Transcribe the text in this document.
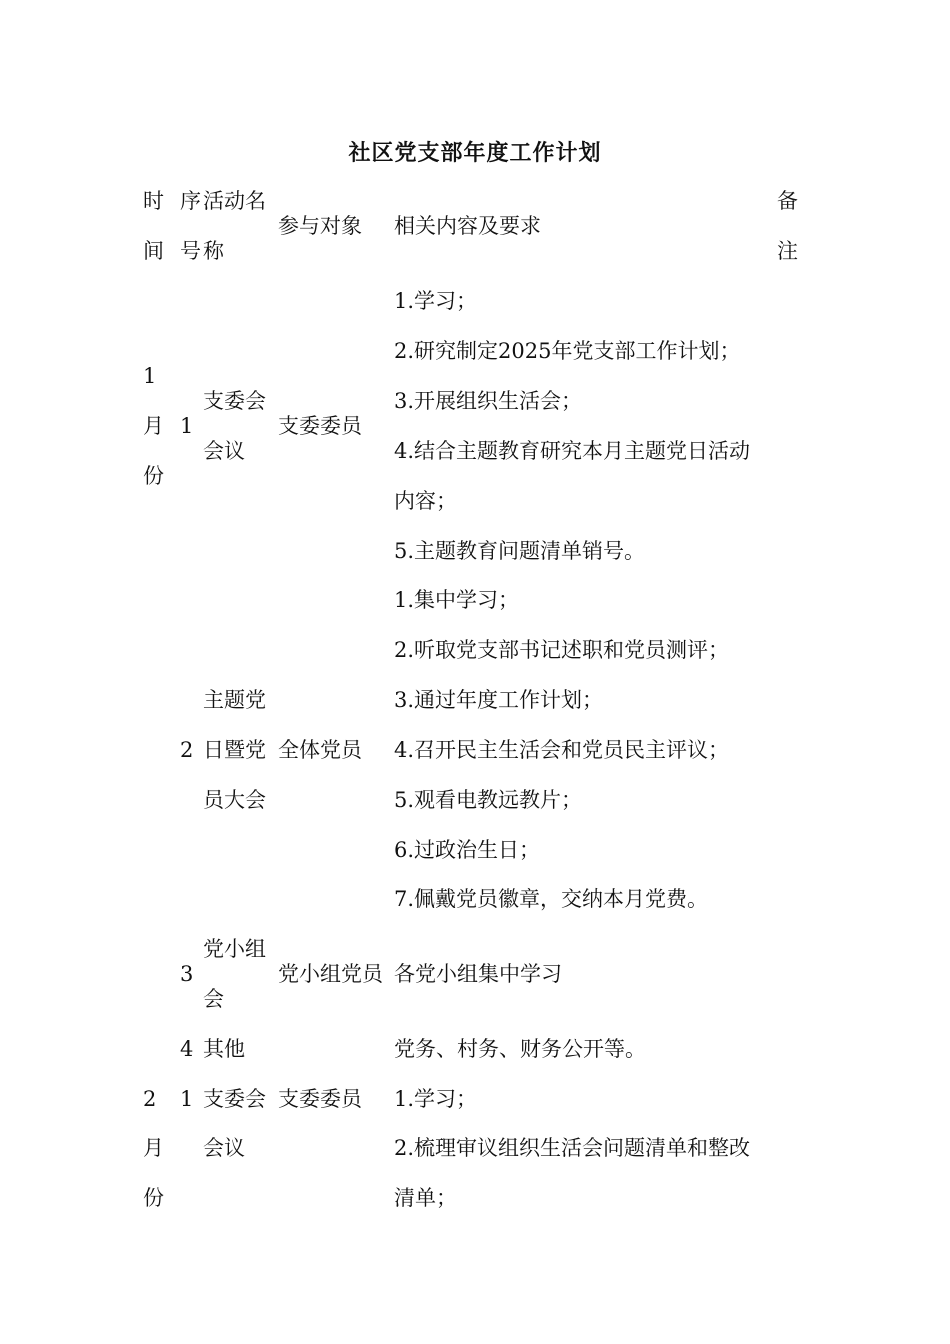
社区党支部年度工作计划
时
间
序
号
活动名
称
参与对象 相关内容及要求
备
注
1
月
份
1
支委会
会议
支委委员
1.学习；
2.研究制定2025年党支部工作计划；
3.开展组织生活会；
4.结合主题教育研究本月主题党日活动
内容；
5.主题教育问题清单销号。
2
主题党
日暨党
员大会
全体党员
1.集中学习；
2.听取党支部书记述职和党员测评；
3.通过年度工作计划；
4.召开民主生活会和党员民主评议；
5.观看电教远教片；
6.过政治生日；
7.佩戴党员徽章，交纳本月党费。
3
党小组
会
党小组党员 各党小组集中学习
4 其他	党务、村务、财务公开等。
2
月
份
1 支委会
会议
支委委员 1.学习；
2.梳理审议组织生活会问题清单和整改
清单；
